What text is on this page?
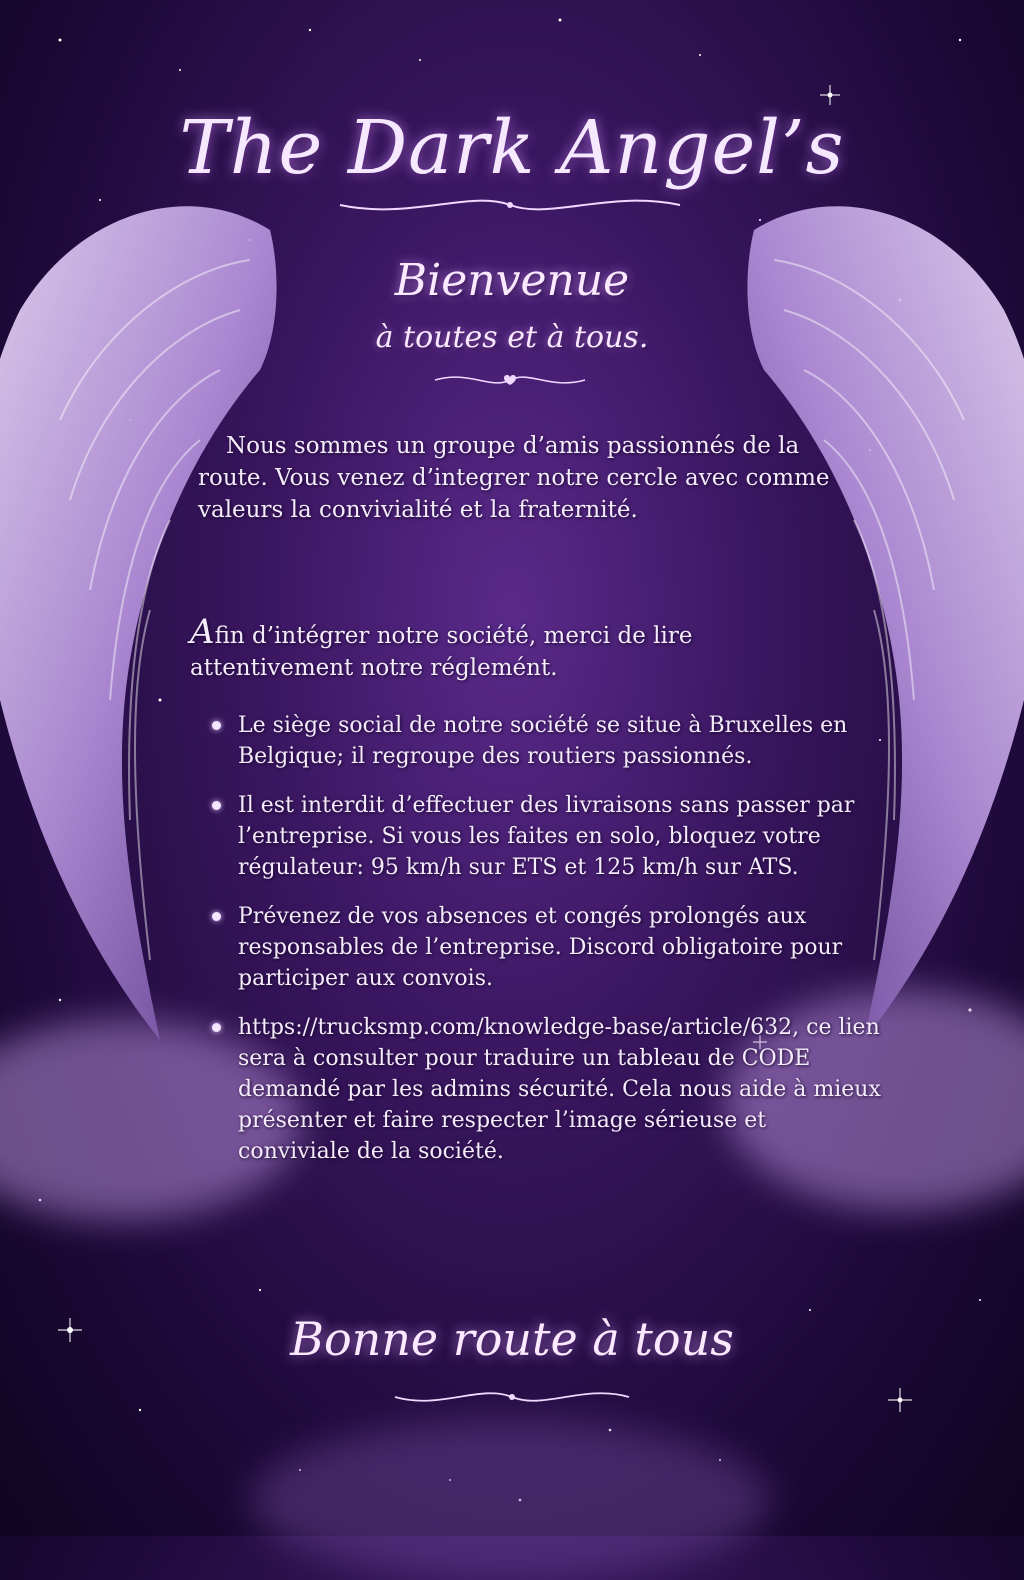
The Dark Angel’s
Bienvenue
à toutes et à tous.

Nous sommes un groupe d’amis passionnés de la route. Vous venez d’integrer notre cercle avec comme valeurs la convivialité et la fraternité.

Afin d’intégrer notre société, merci de lire attentivement notre réglemént.
Le siège social de notre société se situe à Bruxelles en Belgique; il regroupe des routiers passionnés.
Il est interdit d’effectuer des livraisons sans passer par l’entreprise. Si vous les faites en solo, bloquez votre régulateur: 95 km/h sur ETS et 125 km/h sur ATS.
Prévenez de vos absences et congés prolongés aux responsables de l’entreprise. Discord obligatoire pour participer aux convois.
https://trucksmp.com/knowledge-base/article/632, ce lien sera à consulter pour traduire un tableau de CODE demandé par les admins sécurité. Cela nous aide à mieux présenter et faire respecter l’image sérieuse et conviviale de la société.
Bonne route à tous
